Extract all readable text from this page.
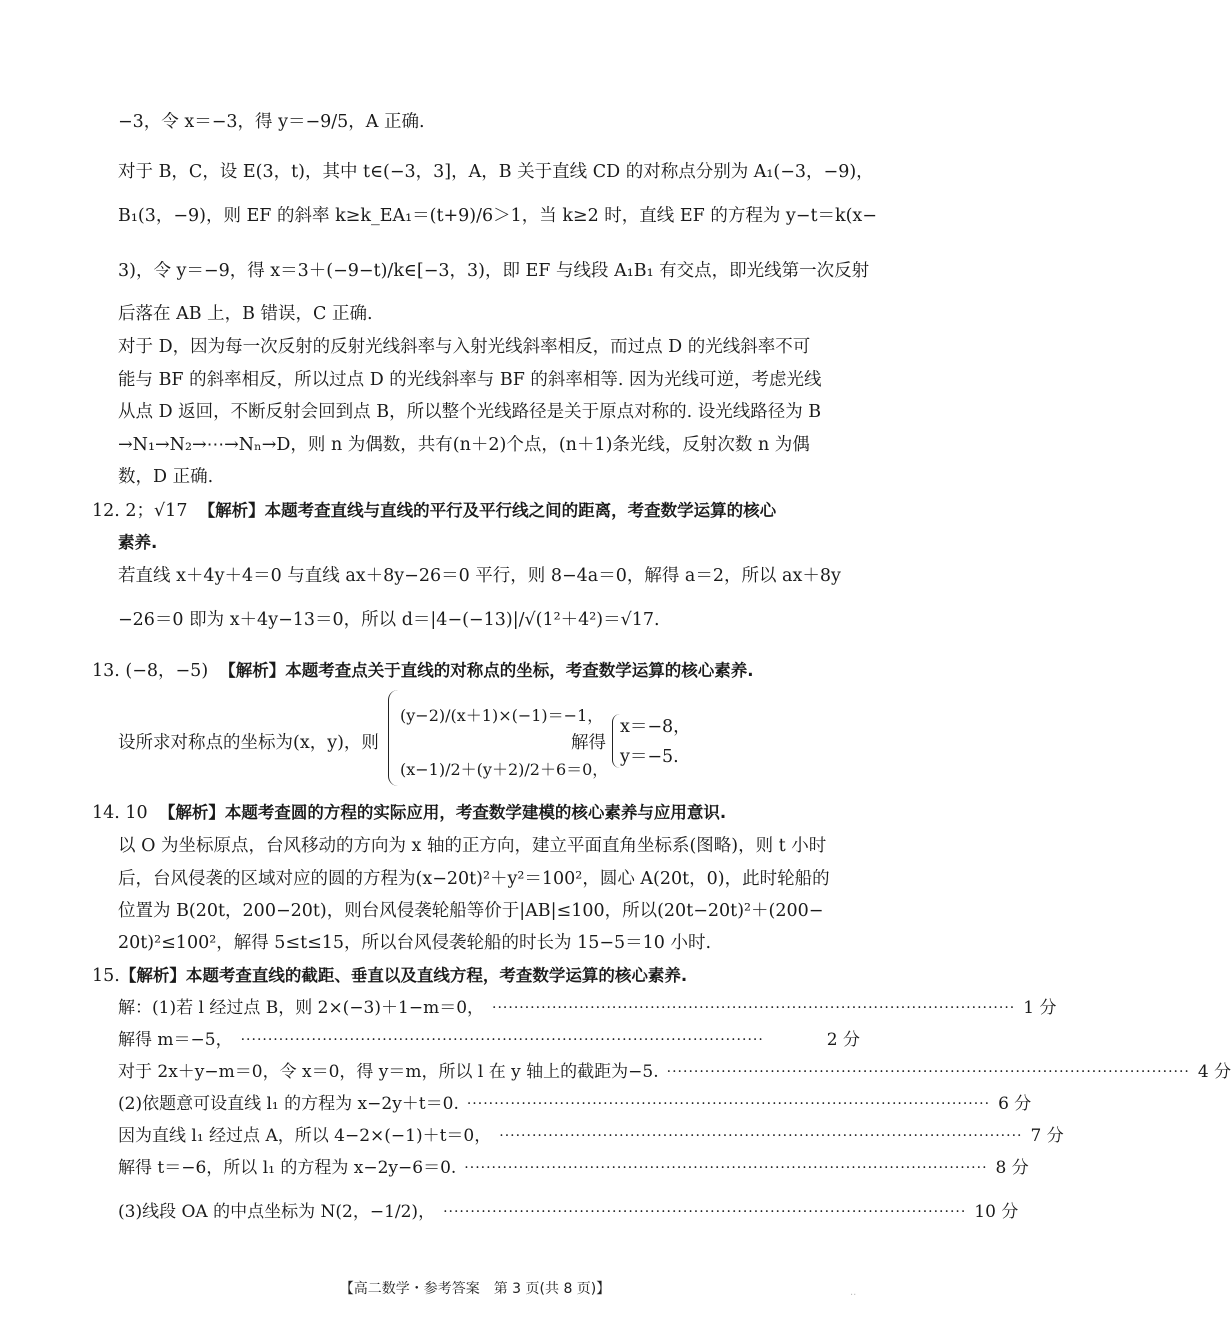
−3，令 x＝−3，得 y＝−9/5，A 正确.
对于 B，C，设 E(3，t)，其中 t∈(−3，3]，A，B 关于直线 CD 的对称点分别为 A₁(−3，−9)，
B₁(3，−9)，则 EF 的斜率 k≥k_EA₁＝(t+9)/6＞1，当 k≥2 时，直线 EF 的方程为 y−t＝k(x−
3)，令 y＝−9，得 x＝3＋(−9−t)/k∈[−3，3)，即 EF 与线段 A₁B₁ 有交点，即光线第一次反射
后落在 AB 上，B 错误，C 正确.
对于 D，因为每一次反射的反射光线斜率与入射光线斜率相反，而过点 D 的光线斜率不可
能与 BF 的斜率相反，所以过点 D 的光线斜率与 BF 的斜率相等. 因为光线可逆，考虑光线
从点 D 返回，不断反射会回到点 B，所以整个光线路径是关于原点对称的. 设光线路径为 B
→N₁→N₂→⋯→Nₙ→D，则 n 为偶数，共有(n＋2)个点，(n＋1)条光线，反射次数 n 为偶
数，D 正确.
12. 2；√17 【解析】本题考查直线与直线的平行及平行线之间的距离，考查数学运算的核心
素养.
若直线 x＋4y＋4＝0 与直线 ax＋8y−26＝0 平行，则 8−4a＝0，解得 a＝2，所以 ax＋8y
−26＝0 即为 x＋4y−13＝0，所以 d＝|4−(−13)|/√(1²＋4²)＝√17.
13. (−8，−5) 【解析】本题考查点关于直线的对称点的坐标，考查数学运算的核心素养.
设所求对称点的坐标为(x，y)，则
(y−2)/(x＋1)×(−1)＝−1，
(x−1)/2＋(y＋2)/2＋6＝0，
解得
x＝−8，
y＝−5.
14. 10 【解析】本题考查圆的方程的实际应用，考查数学建模的核心素养与应用意识.
以 O 为坐标原点，台风移动的方向为 x 轴的正方向，建立平面直角坐标系(图略)，则 t 小时
后，台风侵袭的区域对应的圆的方程为(x−20t)²＋y²＝100²，圆心 A(20t，0)，此时轮船的
位置为 B(20t，200−20t)，则台风侵袭轮船等价于|AB|≤100，所以(20t−20t)²＋(200−
20t)²≤100²，解得 5≤t≤15，所以台风侵袭轮船的时长为 15−5＝10 小时.
15.【解析】本题考查直线的截距、垂直以及直线方程，考查数学运算的核心素养.
解：(1)若 l 经过点 B，则 2×(−3)＋1−m＝0， ································································································ 1 分
解得 m＝−5， ································································································	2 分
对于 2x＋y−m＝0，令 x＝0，得 y＝m，所以 l 在 y 轴上的截距为−5. ································································································ 4 分
(2)依题意可设直线 l₁ 的方程为 x−2y＋t＝0. ································································································ 6 分
因为直线 l₁ 经过点 A，所以 4−2×(−1)＋t＝0， ································································································ 7 分
解得 t＝−6，所以 l₁ 的方程为 x−2y−6＝0. ································································································ 8 分
(3)线段 OA 的中点坐标为 N(2，−1/2)， ································································································ 10 分
【高二数学・参考答案　第 3 页(共 8 页)】	..
